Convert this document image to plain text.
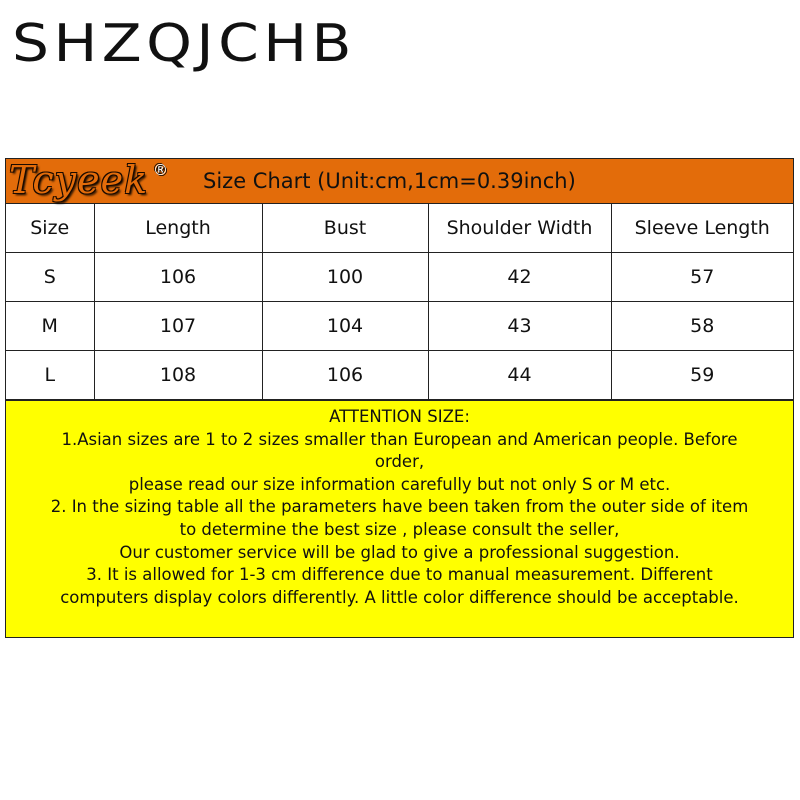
SHZQJCHB
Tcyeek ® Size Chart (Unit:cm,1cm=0.39inch)
Size	Length	Bust	Shoulder Width	Sleeve Length
S	106	100	42	57
M	107	104	43	58
L	108	106	44	59
ATTENTION SIZE:
1.Asian sizes are 1 to 2 sizes smaller than European and American people. Before
order,
please read our size information carefully but not only S or M etc.
2. In the sizing table all the parameters have been taken from the outer side of item
to determine the best size , please consult the seller,
Our customer service will be glad to give a professional suggestion.
3. It is allowed for 1-3 cm difference due to manual measurement. Different
computers display colors differently. A little color difference should be acceptable.
